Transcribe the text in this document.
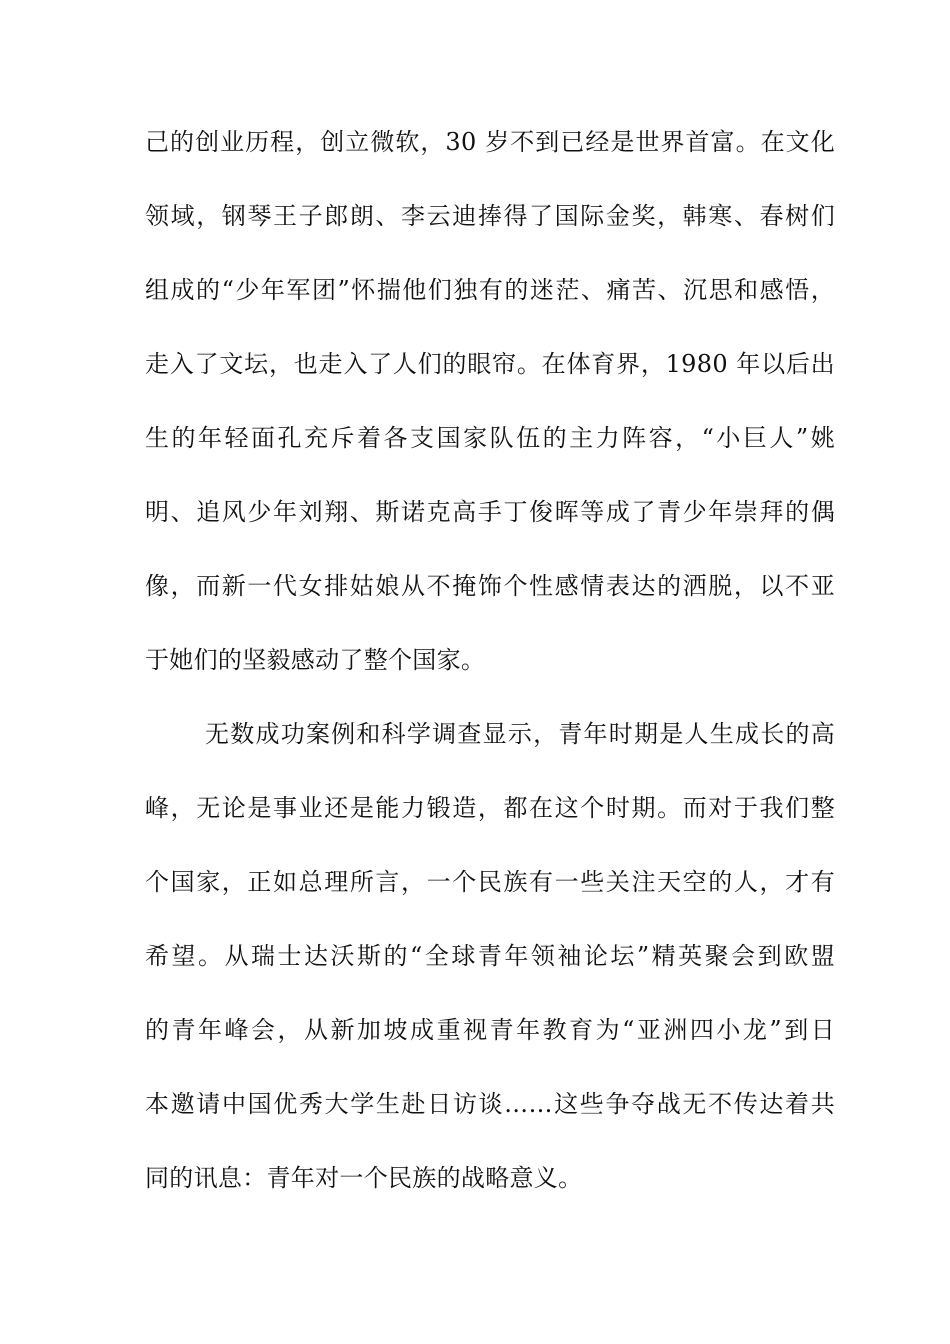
己的创业历程，创立微软，30 岁不到已经是世界首富。在文化
领域，钢琴王子郎朗、李云迪捧得了国际金奖，韩寒、春树们
组成的“少年军团”怀揣他们独有的迷茫、痛苦、沉思和感悟，
走入了文坛，也走入了人们的眼帘。在体育界，1980 年以后出
生的年轻面孔充斥着各支国家队伍的主力阵容，“小巨人”姚
明、追风少年刘翔、斯诺克高手丁俊晖等成了青少年崇拜的偶
像，而新一代女排姑娘从不掩饰个性感情表达的洒脱，以不亚
于她们的坚毅感动了整个国家。
无数成功案例和科学调查显示，青年时期是人生成长的高
峰，无论是事业还是能力锻造，都在这个时期。而对于我们整
个国家，正如总理所言，一个民族有一些关注天空的人，才有
希望。从瑞士达沃斯的“全球青年领袖论坛”精英聚会到欧盟
的青年峰会，从新加坡成重视青年教育为“亚洲四小龙”到日
本邀请中国优秀大学生赴日访谈……这些争夺战无不传达着共
同的讯息：青年对一个民族的战略意义。
